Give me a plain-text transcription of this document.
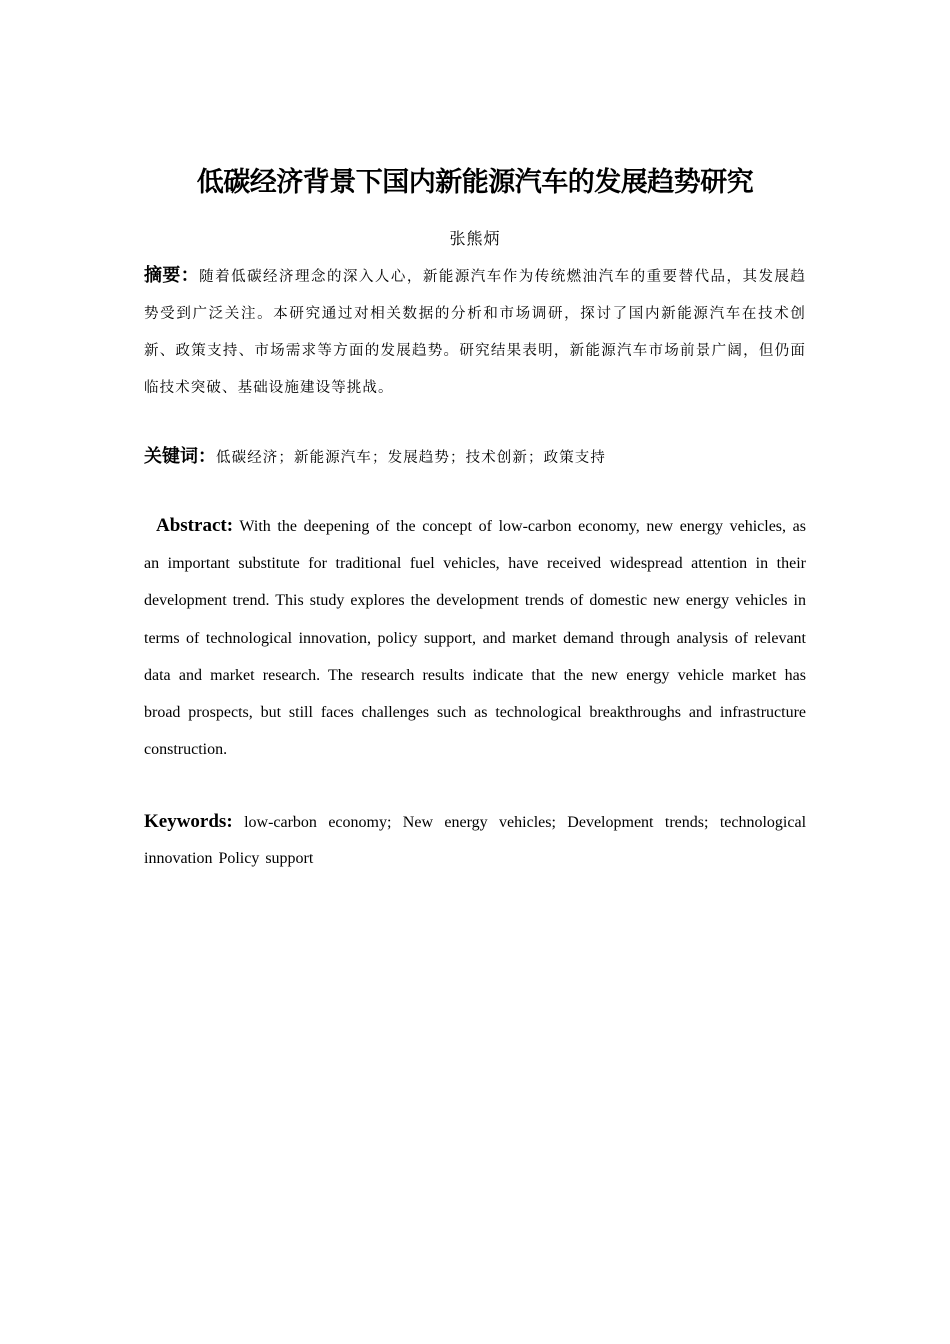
低碳经济背景下国内新能源汽车的发展趋势研究
张熊炳
摘要：随着低碳经济理念的深入人心，新能源汽车作为传统燃油汽车的重要替代品，其发展趋势受到广泛关注。本研究通过对相关数据的分析和市场调研，探讨了国内新能源汽车在技术创新、政策支持、市场需求等方面的发展趋势。研究结果表明，新能源汽车市场前景广阔，但仍面临技术突破、基础设施建设等挑战。
关键词：低碳经济；新能源汽车；发展趋势；技术创新；政策支持
Abstract: With the deepening of the concept of low-carbon economy, new energy vehicles, as an important substitute for traditional fuel vehicles, have received widespread attention in their development trend. This study explores the development trends of domestic new energy vehicles in terms of technological innovation, policy support, and market demand through analysis of relevant data and market research. The research results indicate that the new energy vehicle market has broad prospects, but still faces challenges such as technological breakthroughs and infrastructure construction.
Keywords: low-carbon economy; New energy vehicles; Development trends; technological innovation Policy support
